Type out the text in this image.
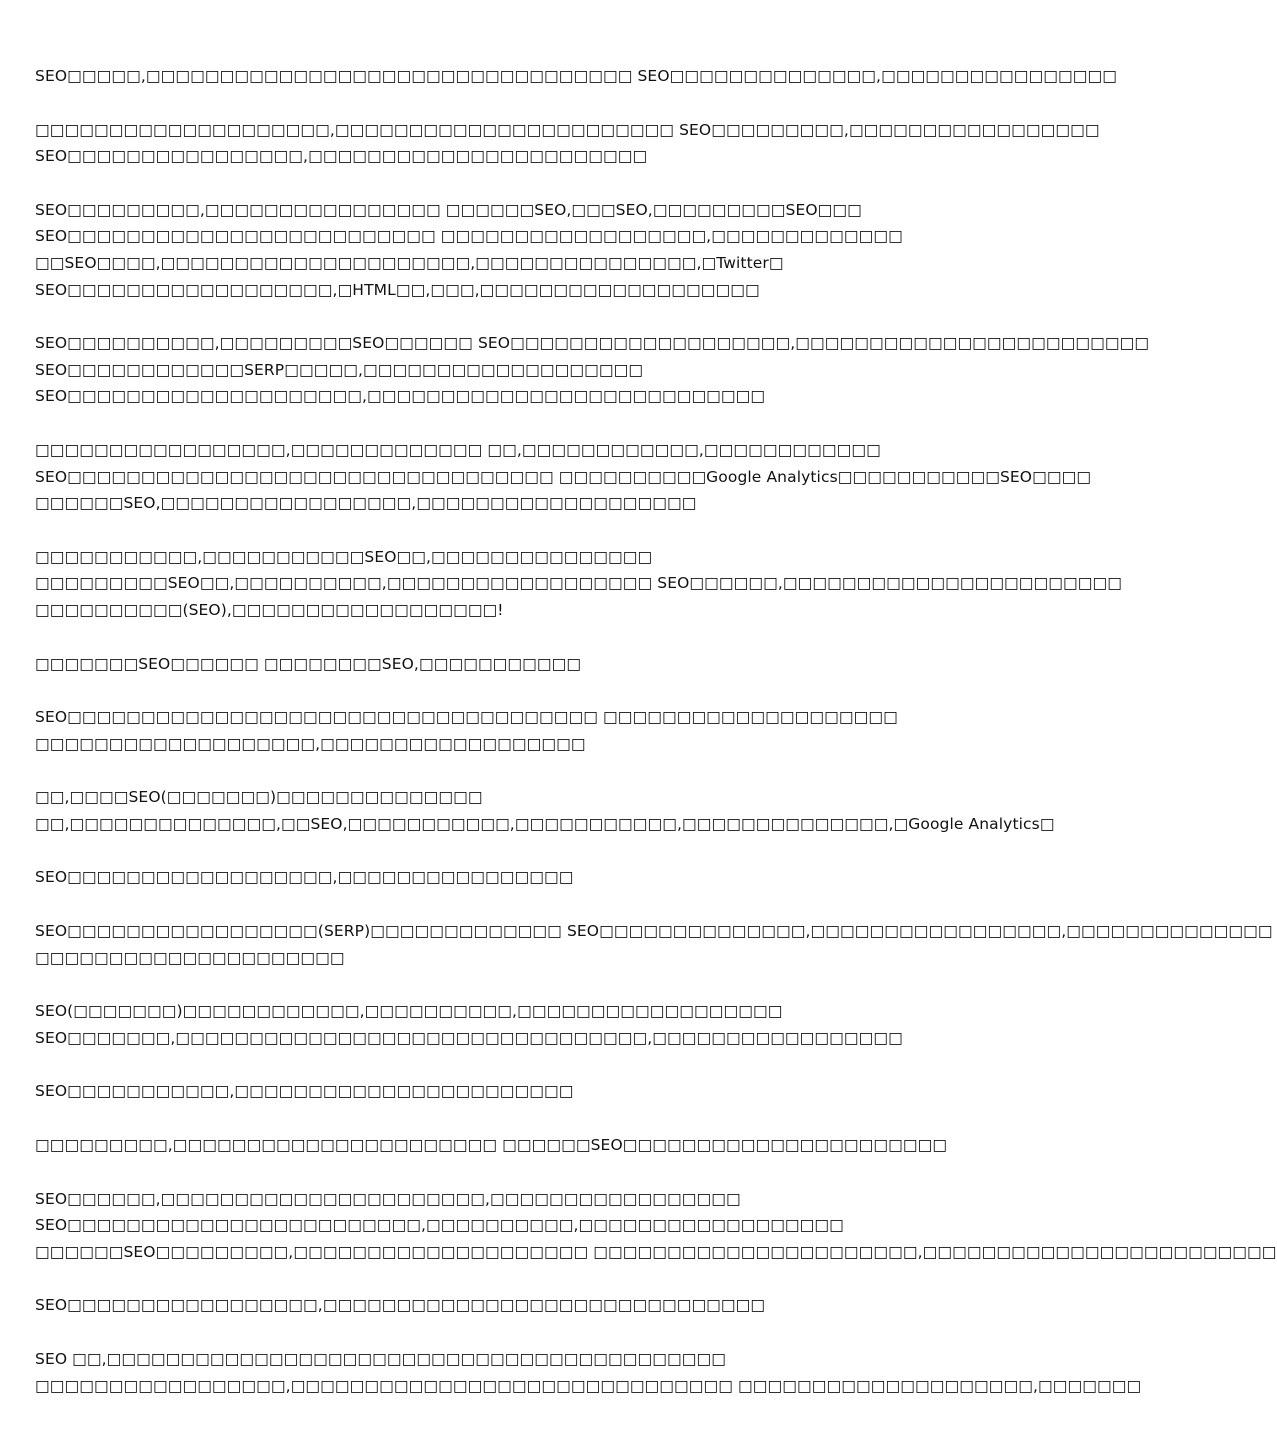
SEO□□□□□,□□□□□□□□□□□□□□□□□□□□□□□□□□□□□□□□□ SEO□□□□□□□□□□□□□□,□□□□□□□□□□□□□□□□

□□□□□□□□□□□□□□□□□□□□,□□□□□□□□□□□□□□□□□□□□□□□ SEO□□□□□□□□□,□□□□□□□□□□□□□□□□□
SEO□□□□□□□□□□□□□□□□,□□□□□□□□□□□□□□□□□□□□□□□

SEO□□□□□□□□□,□□□□□□□□□□□□□□□□ □□□□□□SEO,□□□SEO,□□□□□□□□□SEO□□□
SEO□□□□□□□□□□□□□□□□□□□□□□□□□ □□□□□□□□□□□□□□□□□□,□□□□□□□□□□□□□
□□SEO□□□□,□□□□□□□□□□□□□□□□□□□□□,□□□□□□□□□□□□□□□,□Twitter□
SEO□□□□□□□□□□□□□□□□□□,□HTML□□,□□□,□□□□□□□□□□□□□□□□□□□

SEO□□□□□□□□□□,□□□□□□□□□SEO□□□□□□ SEO□□□□□□□□□□□□□□□□□□□,□□□□□□□□□□□□□□□□□□□□□□□□
SEO□□□□□□□□□□□□SERP□□□□□,□□□□□□□□□□□□□□□□□□□
SEO□□□□□□□□□□□□□□□□□□□□,□□□□□□□□□□□□□□□□□□□□□□□□□□□

□□□□□□□□□□□□□□□□□,□□□□□□□□□□□□□ □□,□□□□□□□□□□□□,□□□□□□□□□□□□
SEO□□□□□□□□□□□□□□□□□□□□□□□□□□□□□□□□□ □□□□□□□□□□Google Analytics□□□□□□□□□□□SEO□□□□
□□□□□□SEO,□□□□□□□□□□□□□□□□□,□□□□□□□□□□□□□□□□□□□

□□□□□□□□□□□,□□□□□□□□□□□SEO□□,□□□□□□□□□□□□□□□
□□□□□□□□□SEO□□,□□□□□□□□□□,□□□□□□□□□□□□□□□□□□ SEO□□□□□□,□□□□□□□□□□□□□□□□□□□□□□□
□□□□□□□□□□(SEO),□□□□□□□□□□□□□□□□□□!

□□□□□□□SEO□□□□□□ □□□□□□□□SEO,□□□□□□□□□□□

SEO□□□□□□□□□□□□□□□□□□□□□□□□□□□□□□□□□□□□ □□□□□□□□□□□□□□□□□□□□
□□□□□□□□□□□□□□□□□□□,□□□□□□□□□□□□□□□□□□

□□,□□□□SEO(□□□□□□□)□□□□□□□□□□□□□□
□□,□□□□□□□□□□□□□□,□□SEO,□□□□□□□□□□□,□□□□□□□□□□□,□□□□□□□□□□□□□□,□Google Analytics□

SEO□□□□□□□□□□□□□□□□□□,□□□□□□□□□□□□□□□□

SEO□□□□□□□□□□□□□□□□□(SERP)□□□□□□□□□□□□□ SEO□□□□□□□□□□□□□□,□□□□□□□□□□□□□□□□□,□□□□□□□□□□□□□□
□□□□□□□□□□□□□□□□□□□□□

SEO(□□□□□□□)□□□□□□□□□□□□,□□□□□□□□□□,□□□□□□□□□□□□□□□□□□
SEO□□□□□□□,□□□□□□□□□□□□□□□□□□□□□□□□□□□□□□□□,□□□□□□□□□□□□□□□□□

SEO□□□□□□□□□□□,□□□□□□□□□□□□□□□□□□□□□□□

□□□□□□□□□,□□□□□□□□□□□□□□□□□□□□□□ □□□□□□SEO□□□□□□□□□□□□□□□□□□□□□□

SEO□□□□□□,□□□□□□□□□□□□□□□□□□□□□□,□□□□□□□□□□□□□□□□□
SEO□□□□□□□□□□□□□□□□□□□□□□□□,□□□□□□□□□□,□□□□□□□□□□□□□□□□□□
□□□□□□SEO□□□□□□□□□,□□□□□□□□□□□□□□□□□□□□ □□□□□□□□□□□□□□□□□□□□□□,□□□□□□□□□□□□□□□□□□□□□□□□

SEO□□□□□□□□□□□□□□□□□,□□□□□□□□□□□□□□□□□□□□□□□□□□□□□□

SEO □□,□□□□□□□□□□□□□□□□□□□□□□□□□□□□□□□□□□□□□□□□□□
□□□□□□□□□□□□□□□□□,□□□□□□□□□□□□□□□□□□□□□□□□□□□□□□ □□□□□□□□□□□□□□□□□□□□,□□□□□□□
